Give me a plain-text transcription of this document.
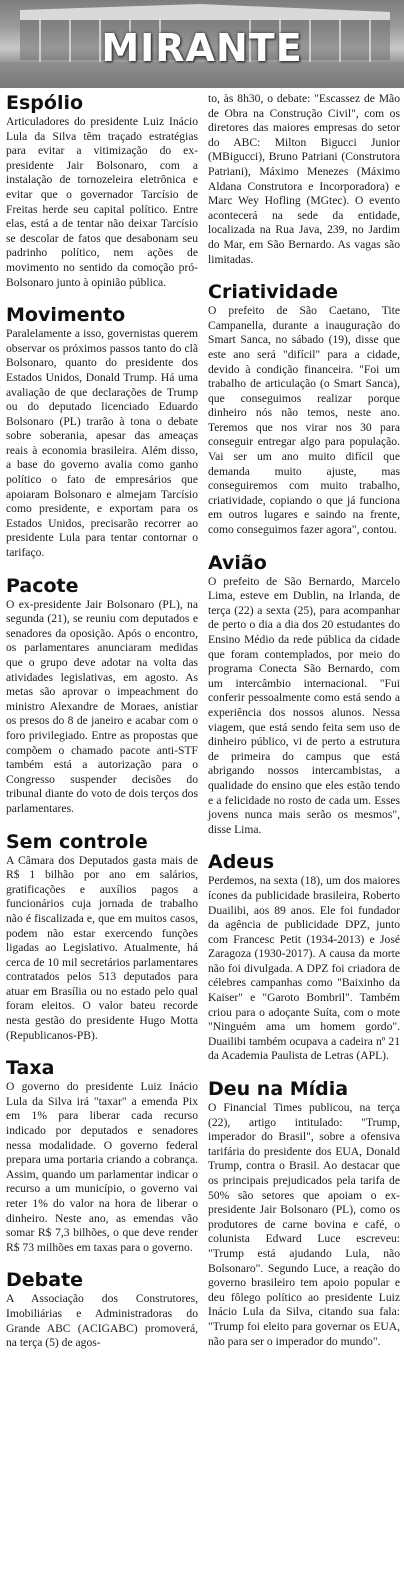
MIRANTE
Espólio

Articuladores do presidente Luiz Inácio Lula da Silva têm traçado estratégias para evitar a vitimização do ex-presidente Jair Bolsonaro, com a instalação de tornozeleira eletrônica e evitar que o governador Tarcísio de Freitas herde seu capital político. Entre elas, está a de tentar não deixar Tarcísio se descolar de fatos que desabonam seu padrinho político, nem ações de movimento no sentido da comoção pró-Bolsonaro junto à opinião pública.

Movimento

Paralelamente a isso, governistas querem observar os próximos passos tanto do clã Bolsonaro, quanto do presidente dos Estados Unidos, Donald Trump. Há uma avaliação de que declarações de Trump ou do deputado licenciado Eduardo Bolsonaro (PL) trarão à tona o debate sobre soberania, apesar das ameaças reais à economia brasileira. Além disso, a base do governo avalia como ganho político o fato de empresários que apoiaram Bolsonaro e almejam Tarcísio como presidente, e exportam para os Estados Unidos, precisarão recorrer ao presidente Lula para tentar contornar o tarifaço.

Pacote

O ex-presidente Jair Bolsonaro (PL), na segunda (21), se reuniu com deputados e senadores da oposição. Após o encontro, os parlamentares anunciaram medidas que o grupo deve adotar na volta das atividades legislativas, em agosto. As metas são aprovar o impeachment do ministro Alexandre de Moraes, anistiar os presos do 8 de janeiro e acabar com o foro privilegiado. Entre as propostas que compõem o chamado pacote anti-STF também está a autorização para o Congresso suspender decisões do tribunal diante do voto de dois terços dos parlamentares.

Sem controle

A Câmara dos Deputados gasta mais de R$ 1 bilhão por ano em salários, gratificações e auxílios pagos a funcionários cuja jornada de trabalho não é fiscalizada e, que em muitos casos, podem não estar exercendo funções ligadas ao Legislativo. Atualmente, há cerca de 10 mil secretários parlamentares contratados pelos 513 deputados para atuar em Brasília ou no estado pelo qual foram eleitos. O valor bateu recorde nesta gestão do presidente Hugo Motta (Republicanos-PB).

Taxa

O governo do presidente Luiz Inácio Lula da Silva irá "taxar" a emenda Pix em 1% para liberar cada recurso indicado por deputados e senadores nessa modalidade. O governo federal prepara uma portaria criando a cobrança. Assim, quando um parlamentar indicar o recurso a um município, o governo vai reter 1% do valor na hora de liberar o dinheiro. Neste ano, as emendas vão somar R$ 7,3 bilhões, o que deve render R$ 73 milhões em taxas para o governo.

Debate

A Associação dos Construtores, Imobiliárias e Administradoras do Grande ABC (ACIGABC) promoverá, na terça (5) de agos-

to, às 8h30, o debate: "Escassez de Mão de Obra na Construção Civil", com os diretores das maiores empresas do setor do ABC: Milton Bigucci Junior (MBigucci), Bruno Patriani (Construtora Patriani), Máximo Menezes (Máximo Aldana Construtora e Incorporadora) e Marc Wey Hofling (MGtec). O evento acontecerá na sede da entidade, localizada na Rua Java, 239, no Jardim do Mar, em São Bernardo. As vagas são limitadas.

Criatividade

O prefeito de São Caetano, Tite Campanella, durante a inauguração do Smart Sanca, no sábado (19), disse que este ano será "difícil" para a cidade, devido à condição financeira. "Foi um trabalho de articulação (o Smart Sanca), que conseguimos realizar porque dinheiro nós não temos, neste ano. Teremos que nos virar nos 30 para conseguir entregar algo para população. Vai ser um ano muito difícil que demanda muito ajuste, mas conseguiremos com muito trabalho, criatividade, copiando o que já funciona em outros lugares e saindo na frente, como conseguimos fazer agora", contou.

Avião

O prefeito de São Bernardo, Marcelo Lima, esteve em Dublin, na Irlanda, de terça (22) a sexta (25), para acompanhar de perto o dia a dia dos 20 estudantes do Ensino Médio da rede pública da cidade que foram contemplados, por meio do programa Conecta São Bernardo, com um intercâmbio internacional. "Fui conferir pessoalmente como está sendo a experiência dos nossos alunos. Nessa viagem, que está sendo feita sem uso de dinheiro público, vi de perto a estrutura de primeira do campus que está abrigando nossos intercambistas, a qualidade do ensino que eles estão tendo e a felicidade no rosto de cada um. Esses jovens nunca mais serão os mesmos", disse Lima.

Adeus

Perdemos, na sexta (18), um dos maiores ícones da publicidade brasileira, Roberto Duailibi, aos 89 anos. Ele foi fundador da agência de publicidade DPZ, junto com Francesc Petit (1934-2013) e José Zaragoza (1930-2017). A causa da morte não foi divulgada. A DPZ foi criadora de célebres campanhas como "Baixinho da Kaiser" e "Garoto Bombril". Também criou para o adoçante Suíta, com o mote "Ninguém ama um homem gordo". Duailibi também ocupava a cadeira nº 21 da Academia Paulista de Letras (APL).

Deu na Mídia

O Financial Times publicou, na terça (22), artigo intitulado: "Trump, imperador do Brasil", sobre a ofensiva tarifária do presidente dos EUA, Donald Trump, contra o Brasil. Ao destacar que os principais prejudicados pela tarifa de 50% são setores que apoiam o ex-presidente Jair Bolsonaro (PL), como os produtores de carne bovina e café, o colunista Edward Luce escreveu: "Trump está ajudando Lula, não Bolsonaro". Segundo Luce, a reação do governo brasileiro tem apoio popular e deu fôlego político ao presidente Luiz Inácio Lula da Silva, citando sua fala: "Trump foi eleito para governar os EUA, não para ser o imperador do mundo".
